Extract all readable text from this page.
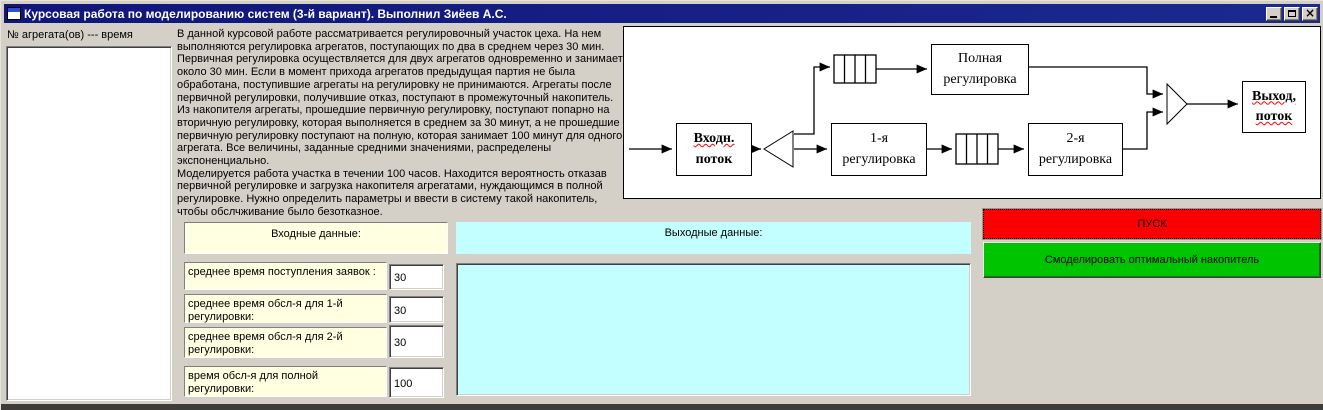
Курсовая работа по моделированию систем (3-й вариант). Выполнил Зиёев А.С.	×
№ агрегата(ов) --- время	В данной курсовой работе рассматривается регулировочный участок цеха. На нем выполняются регулировка агрегатов, поступающих по два в среднем через 30 мин. Первичная регулировка осуществляется для двух агрегатов одновременно и занимает около 30 мин. Если в момент прихода агрегатов предыдущая партия не была обработана, поступившие агрегаты на регулировку не принимаются. Агрегаты после первичной регулировки, получившие отказ, поступают в промежуточный накопитель. Из накопителя агрегаты, прошедшие первичную регулировку, поступают попарно на вторичную регулировку, которая выполняется в среднем за 30 минут, а не прошедшие первичную регулировку поступают на полную, которая занимает 100 минут для одного агрегата. Все величины, заданные средними значениями, распределены экспоненциально.
Моделируется работа участка в течении 100 часов. Находится вероятность отказав первичной регулировке и загрузка накопителя агрегатами, нуждающимся в полной регулировке. Нужно определить параметры и ввести в систему такой накопитель, чтобы обслчживание было безотказное.
Входн.
поток
1-я
регулировка
2-я
регулировка
Полная
регулировка
Выход,
поток
Входные данные:
среднее время поступления заявок :
30
среднее время обсл-я для 1-й регулировки:
30
среднее время обсл-я для 2-й регулировки:
30
время обсл-я для полной регулировки:
100
Выходные данные:
ПУСК
Смоделировать оптимальный накопитель
